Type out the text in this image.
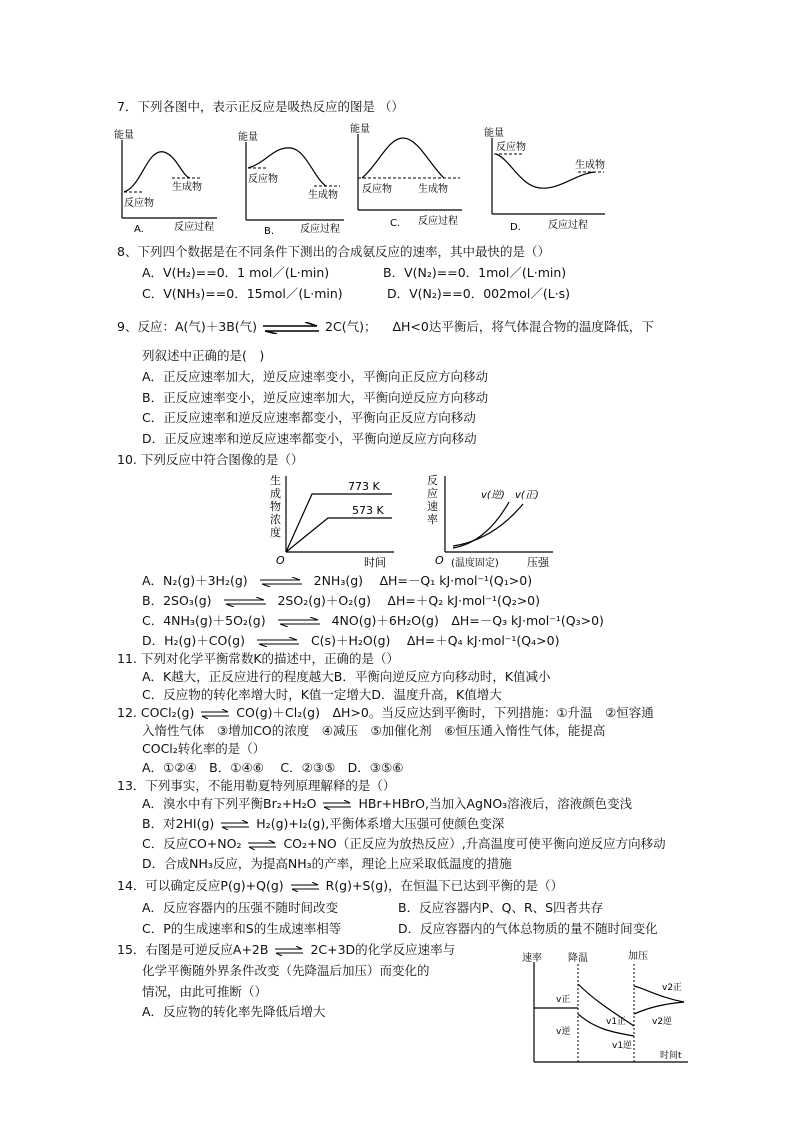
7．下列各图中，表示正反应是吸热反应的图是 （）
能量
反应物
生成物
A.	反应过程
能量
反应物
生成物
B.	反应过程
能量
反应物	生成物
C. 反应过程
能量
反应物
生成物
D.	反应过程
8、下列四个数据是在不同条件下测出的合成氨反应的速率，其中最快的是（）
A．V(H₂)==0．1 mol／(L·min)	B．V(N₂)==0．1mol／(L·min)
C．V(NH₃)==0．15mol／(L·min)	D．V(N₂)==0．002mol／(L·s)
9、反应：A(气)＋3B(气)	2C(气)； ΔH<0达平衡后，将气体混合物的温度降低，下
列叙述中正确的是(　)
A．正反应速率加大，逆反应速率变小，平衡向正反应方向移动
B．正反应速率变小，逆反应速率加大，平衡向逆反应方向移动
C．正反应速率和逆反应速率都变小，平衡向正反应方向移动
D．正反应速率和逆反应速率都变小，平衡向逆反应方向移动
10. 下列反应中符合图像的是（）
生
成
物
浓
度
773 K
573 K
O	时间
反
应
速
率
v(逆) v(正)
O (温度固定)	压强
A．N₂(g)＋3H₂(g) ⇌ 2NH₃(g)　 ΔH=－Q₁ kJ·mol⁻¹(Q₁>0)
B．2SO₃(g) ⇌ 2SO₂(g)＋O₂(g)　 ΔH=＋Q₂ kJ·mol⁻¹(Q₂>0)
C．4NH₃(g)＋5O₂(g) ⇌ 4NO(g)＋6H₂O(g)　ΔH=－Q₃ kJ·mol⁻¹(Q₃>0)
D．H₂(g)＋CO(g) ⇌ C(s)＋H₂O(g)　 ΔH=＋Q₄ kJ·mol⁻¹(Q₄>0)
11. 下列对化学平衡常数K的描述中，正确的是（）
A．K越大，正反应进行的程度越大B．平衡向逆反应方向移动时，K值减小
C．反应物的转化率增大时，K值一定增大D．温度升高，K值增大
12. COCl₂(g) ⇌ CO(g)＋Cl₂(g)　ΔH>0。当反应达到平衡时，下列措施：①升温　②恒容通
入惰性气体　③增加CO的浓度　④减压　⑤加催化剂　⑥恒压通入惰性气体，能提高
COCl₂转化率的是（）
A．①②④　B．①④⑥　 C．②③⑤　D．③⑤⑥
13．下列事实，不能用勒夏特列原理解释的是（）
A．溴水中有下列平衡Br₂+H₂O ⇌ HBr+HBrO,当加入AgNO₃溶液后，溶液颜色变浅
B．对2HI(g) ⇌ H₂(g)+I₂(g),平衡体系增大压强可使颜色变深
C．反应CO+NO₂ ⇌ CO₂+NO（正反应为放热反应）,升高温度可使平衡向逆反应方向移动
D．合成NH₃反应，为提高NH₃的产率，理论上应采取低温度的措施
14．可以确定反应P(g)+Q(g) ⇌ R(g)+S(g)，在恒温下已达到平衡的是（）
A．反应容器内的压强不随时间改变	B．反应容器内P、Q、R、S四者共存
C．P的生成速率和S的生成速率相等	D．反应容器内的气体总物质的量不随时间变化
15．右图是可逆反应A+2B ⇌ 2C+3D的化学反应速率与
化学平衡随外界条件改变（先降温后加压）而变化的
情况，由此可推断（）
A．反应物的转化率先降低后增大
速率	降温	加压
v正
v逆
v1正
v1逆
v2正
v2逆
时间t
